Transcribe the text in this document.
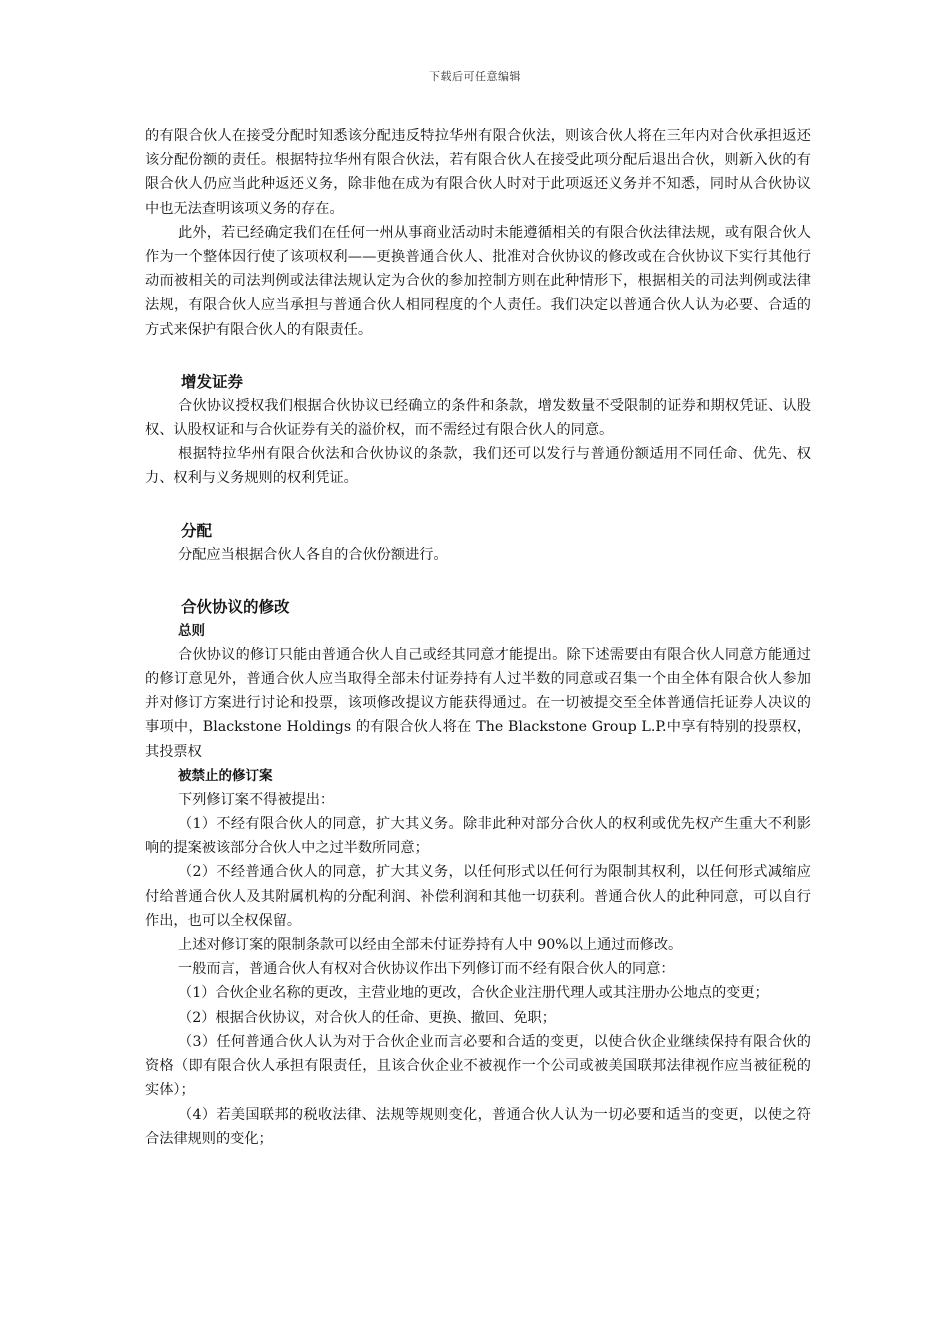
下载后可任意编辑

的有限合伙人在接受分配时知悉该分配违反特拉华州有限合伙法，则该合伙人将在三年内对合伙承担返还该分配份额的责任。根据特拉华州有限合伙法，若有限合伙人在接受此项分配后退出合伙，则新入伙的有限合伙人仍应当此种返还义务，除非他在成为有限合伙人时对于此项返还义务并不知悉，同时从合伙协议中也无法查明该项义务的存在。

此外，若已经确定我们在任何一州从事商业活动时未能遵循相关的有限合伙法律法规，或有限合伙人作为一个整体因行使了该项权利——更换普通合伙人、批准对合伙协议的修改或在合伙协议下实行其他行动而被相关的司法判例或法律法规认定为合伙的参加控制方则在此种情形下，根据相关的司法判例或法律法规，有限合伙人应当承担与普通合伙人相同程度的个人责任。我们决定以普通合伙人认为必要、合适的方式来保护有限合伙人的有限责任。

增发证券

合伙协议授权我们根据合伙协议已经确立的条件和条款，增发数量不受限制的证券和期权凭证、认股权、认股权证和与合伙证券有关的溢价权，而不需经过有限合伙人的同意。

根据特拉华州有限合伙法和合伙协议的条款，我们还可以发行与普通份额适用不同任命、优先、权力、权利与义务规则的权利凭证。

分配

分配应当根据合伙人各自的合伙份额进行。

合伙协议的修改
总则

合伙协议的修订只能由普通合伙人自己或经其同意才能提出。除下述需要由有限合伙人同意方能通过的修订意见外，普通合伙人应当取得全部未付证券持有人过半数的同意或召集一个由全体有限合伙人参加并对修订方案进行讨论和投票，该项修改提议方能获得通过。在一切被提交至全体普通信托证券人决议的事项中，Blackstone Holdings 的有限合伙人将在 The Blackstone Group L.P.中享有特别的投票权，其投票权

被禁止的修订案

下列修订案不得被提出：

（1）不经有限合伙人的同意，扩大其义务。除非此种对部分合伙人的权利或优先权产生重大不利影响的提案被该部分合伙人中之过半数所同意；

（2）不经普通合伙人的同意，扩大其义务，以任何形式以任何行为限制其权利，以任何形式减缩应付给普通合伙人及其附属机构的分配利润、补偿利润和其他一切获利。普通合伙人的此种同意，可以自行作出，也可以全权保留。

上述对修订案的限制条款可以经由全部未付证券持有人中 90%以上通过而修改。

一般而言，普通合伙人有权对合伙协议作出下列修订而不经有限合伙人的同意：

（1）合伙企业名称的更改，主营业地的更改，合伙企业注册代理人或其注册办公地点的变更；

（2）根据合伙协议，对合伙人的任命、更换、撤回、免职；

（3）任何普通合伙人认为对于合伙企业而言必要和合适的变更，以使合伙企业继续保持有限合伙的资格（即有限合伙人承担有限责任，且该合伙企业不被视作一个公司或被美国联邦法律视作应当被征税的实体）；

（4）若美国联邦的税收法律、法规等规则变化，普通合伙人认为一切必要和适当的变更，以使之符合法律规则的变化；
